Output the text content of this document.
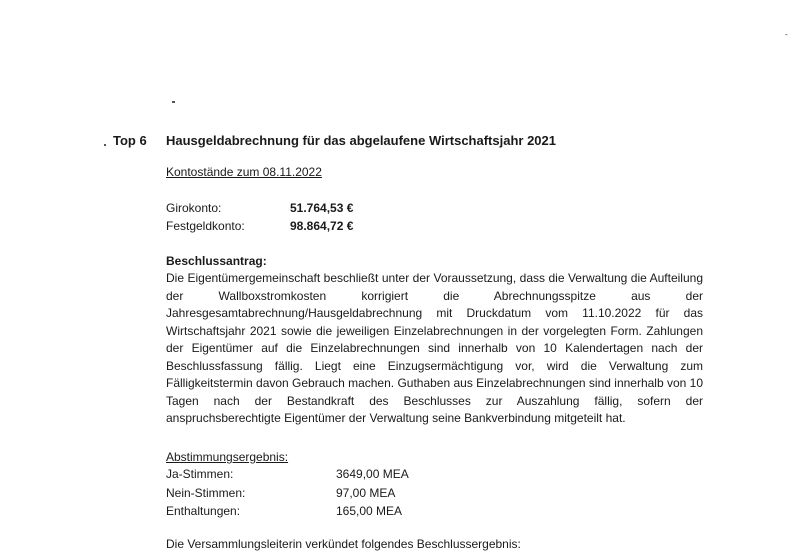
-
Top 6 Hausgeldabrechnung für das abgelaufene Wirtschaftsjahr 2021
Kontostände zum 08.11.2022
Girokonto:	51.764,53 €
Festgeldkonto:	98.864,72 €
Beschlussantrag:
Die Eigentümergemeinschaft beschließt unter der Voraussetzung, dass die Verwaltung die Aufteilung der Wallboxstromkosten korrigiert die Abrechnungsspitze aus der Jahresgesamtabrechnung/Hausgeldabrechnung mit Druckdatum vom 11.10.2022 für das Wirtschaftsjahr 2021 sowie die jeweiligen Einzelabrechnungen in der vorgelegten Form. Zahlungen der Eigentümer auf die Einzelabrechnungen sind innerhalb von 10 Kalendertagen nach der Beschlussfassung fällig. Liegt eine Einzugsermächtigung vor, wird die Verwaltung zum Fälligkeitstermin davon Gebrauch machen. Guthaben aus Einzelabrechnungen sind innerhalb von 10 Tagen nach der Bestandkraft des Beschlusses zur Auszahlung fällig, sofern der anspruchsberechtigte Eigentümer der Verwaltung seine Bankverbindung mitgeteilt hat.
Abstimmungsergebnis:
Ja-Stimmen:	3649,00 MEA
Nein-Stimmen:	97,00 MEA
Enthaltungen:	165,00 MEA
Die Versammlungsleiterin verkündet folgendes Beschlussergebnis:
